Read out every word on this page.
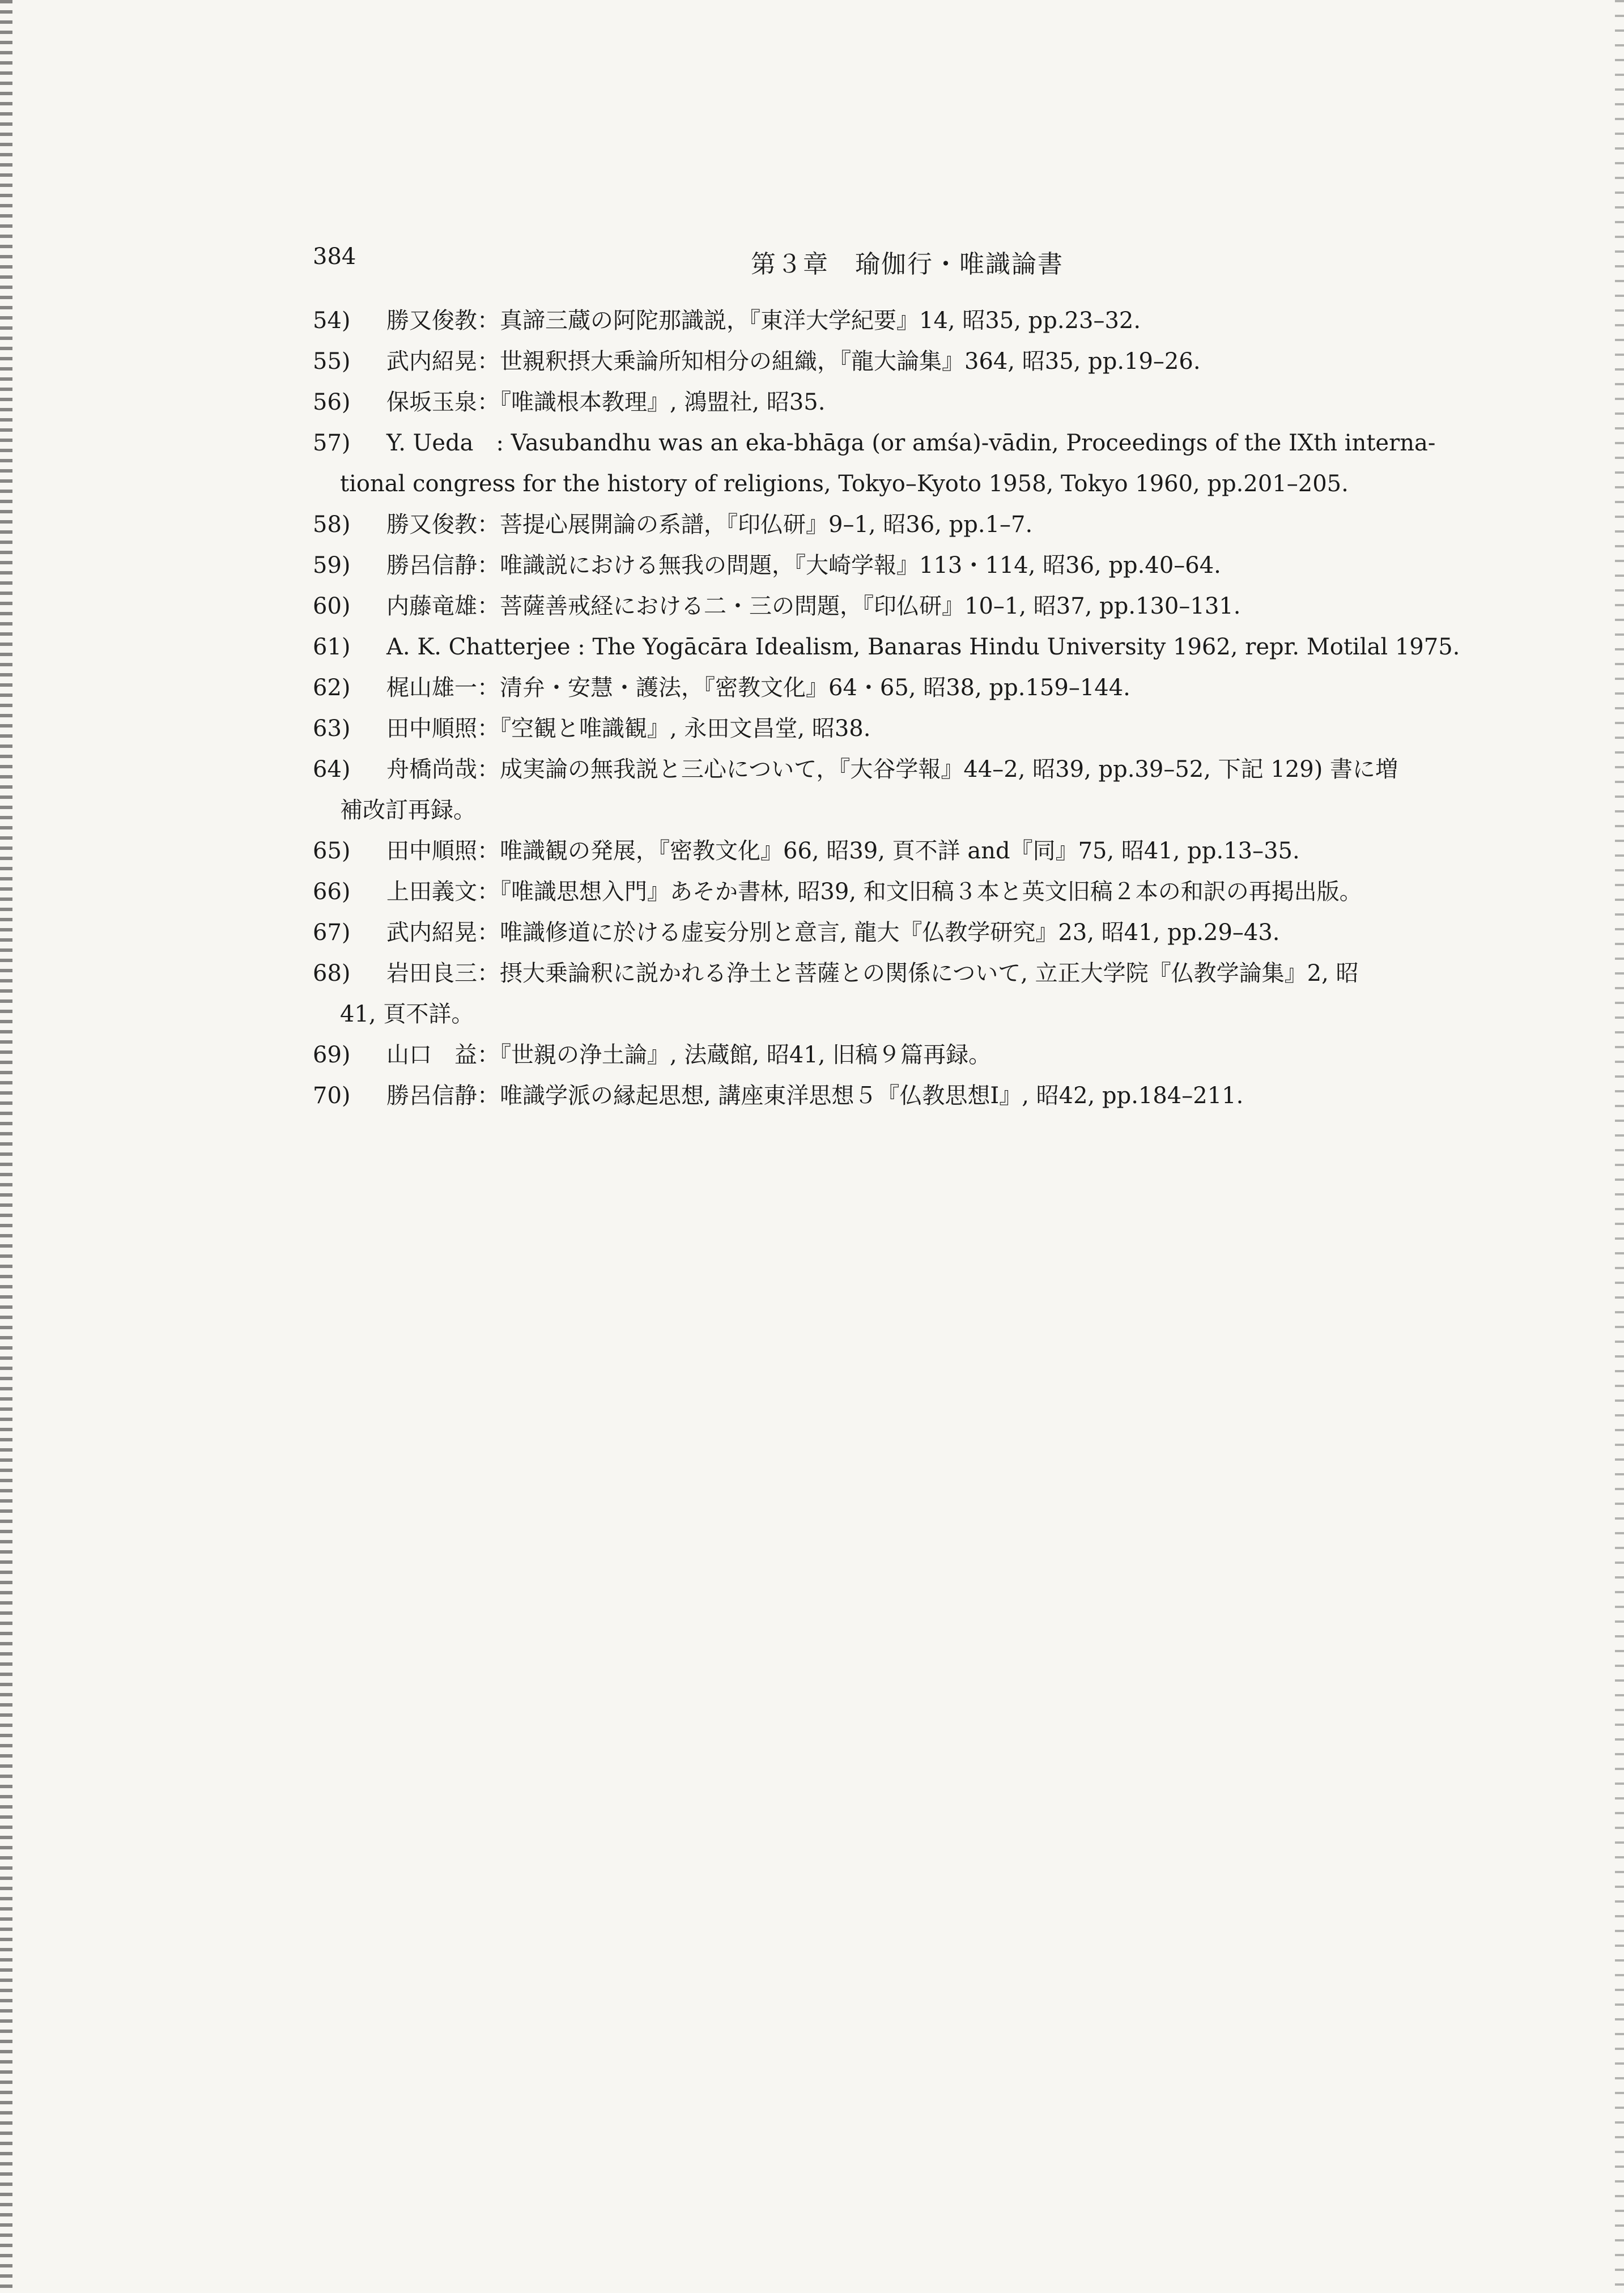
384	第３章　瑜伽行・唯識論書
54)	勝又俊教：真諦三蔵の阿陀那識説，『東洋大学紀要』14, 昭35, pp.23–32.
55)	武内紹晃：世親釈摂大乗論所知相分の組織，『龍大論集』364, 昭35, pp.19–26.
56)	保坂玉泉：『唯識根本教理』, 鴻盟社, 昭35.
57)	Y. Ueda　: Vasubandhu was an eka-bhāga (or amśa)-vādin, Proceedings of the IXth interna-
tional congress for the history of religions, Tokyo–Kyoto 1958, Tokyo 1960, pp.201–205.
58)	勝又俊教：菩提心展開論の系譜，『印仏研』9–1, 昭36, pp.1–7.
59)	勝呂信静：唯識説における無我の問題，『大崎学報』113・114, 昭36, pp.40–64.
60)	内藤竜雄：菩薩善戒経における二・三の問題，『印仏研』10–1, 昭37, pp.130–131.
61)	A. K. Chatterjee : The Yogācāra Idealism, Banaras Hindu University 1962, repr. Motilal 1975.
62)	梶山雄一：清弁・安慧・護法，『密教文化』64・65, 昭38, pp.159–144.
63)	田中順照：『空観と唯識観』, 永田文昌堂, 昭38.
64)	舟橋尚哉：成実論の無我説と三心について，『大谷学報』44–2, 昭39, pp.39–52, 下記 129) 書に増
補改訂再録。
65)	田中順照：唯識観の発展，『密教文化』66, 昭39, 頁不詳 and『同』75, 昭41, pp.13–35.
66)	上田義文：『唯識思想入門』あそか書林, 昭39, 和文旧稿３本と英文旧稿２本の和訳の再掲出版。
67)	武内紹晃：唯識修道に於ける虚妄分別と意言, 龍大『仏教学研究』23, 昭41, pp.29–43.
68)	岩田良三：摂大乗論釈に説かれる浄土と菩薩との関係について, 立正大学院『仏教学論集』2, 昭
41, 頁不詳。
69)	山口　益：『世親の浄土論』, 法蔵館, 昭41, 旧稿９篇再録。
70)	勝呂信静：唯識学派の縁起思想, 講座東洋思想５『仏教思想Ⅰ』, 昭42, pp.184–211.
